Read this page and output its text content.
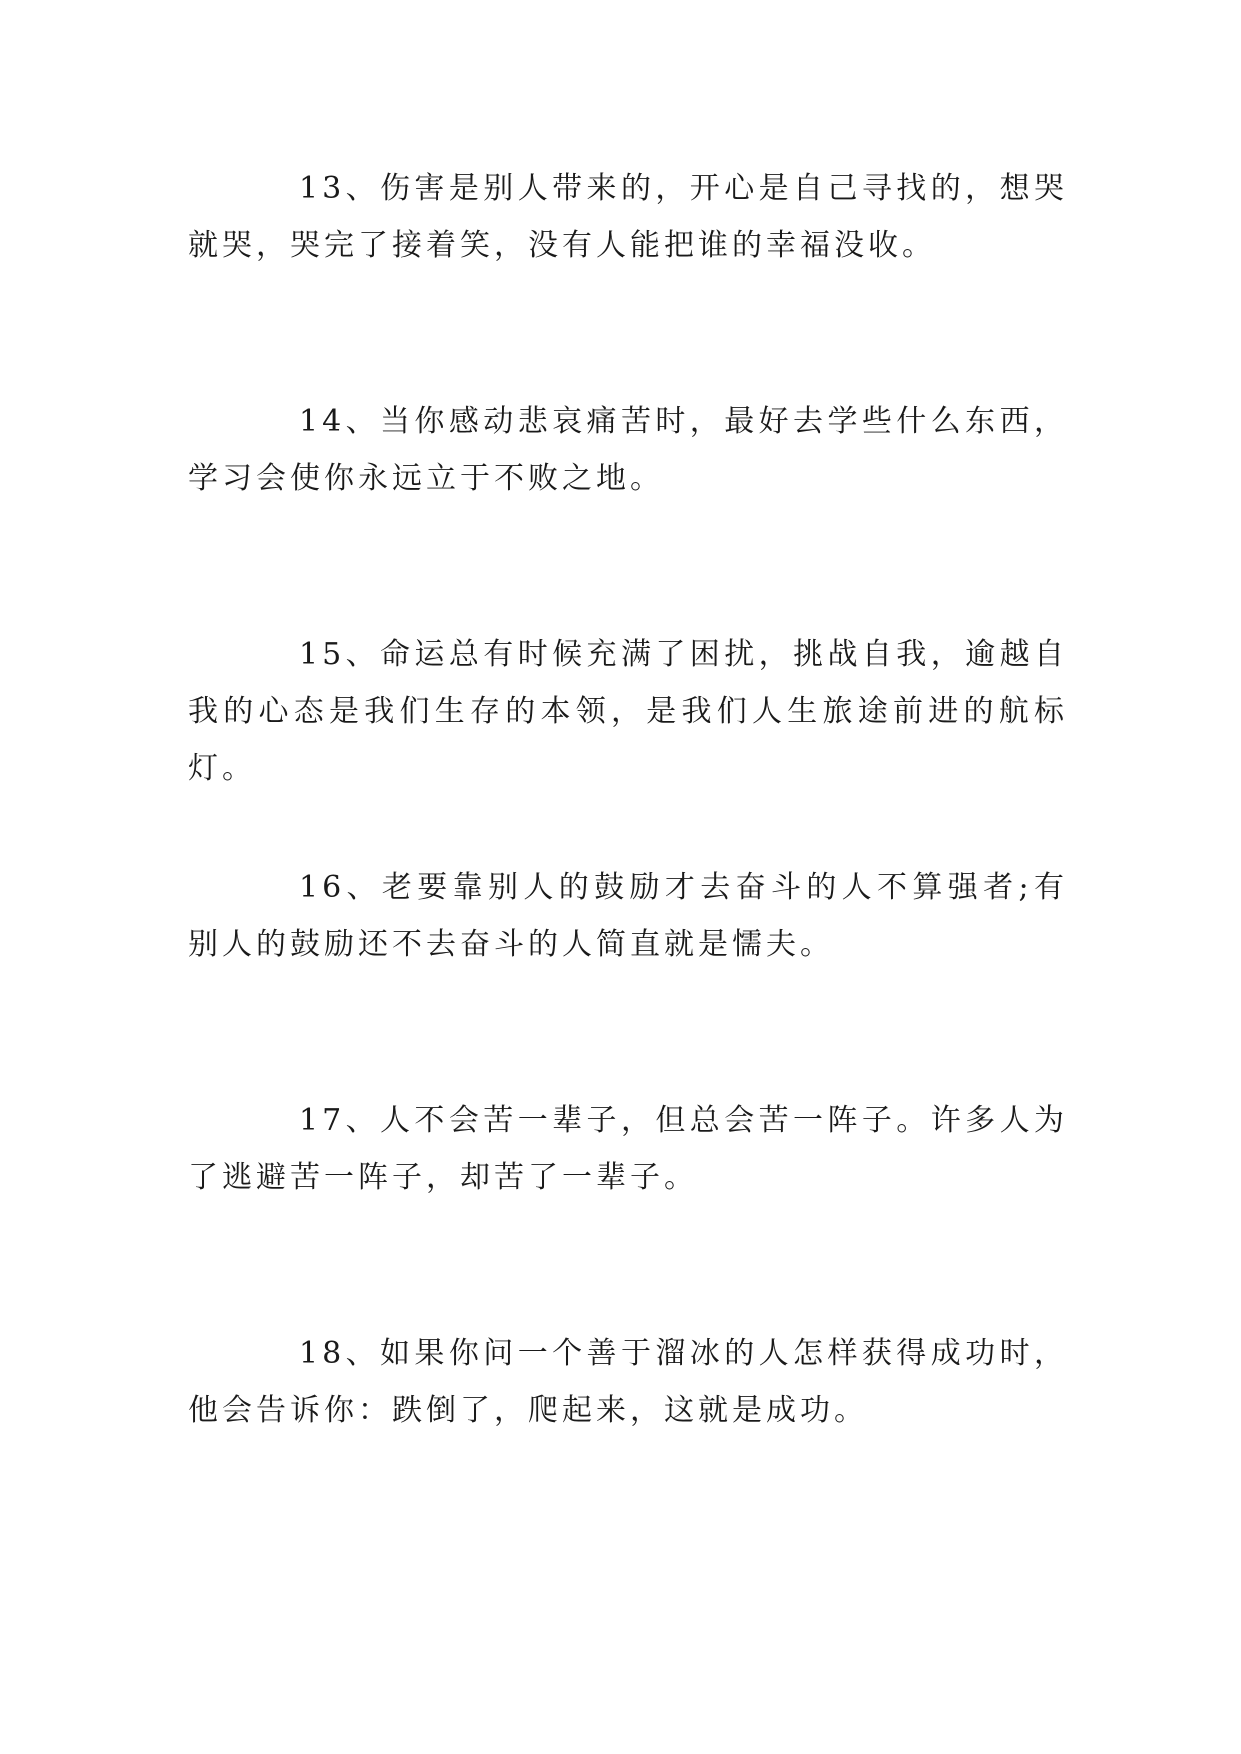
13、伤害是别人带来的，开心是自己寻找的，想哭就哭，哭完了接着笑，没有人能把谁的幸福没收。

14、当你感动悲哀痛苦时，最好去学些什么东西，学习会使你永远立于不败之地。

15、命运总有时候充满了困扰，挑战自我，逾越自我的心态是我们生存的本领，是我们人生旅途前进的航标灯。

16、老要靠别人的鼓励才去奋斗的人不算强者;有别人的鼓励还不去奋斗的人简直就是懦夫。

17、人不会苦一辈子，但总会苦一阵子。许多人为了逃避苦一阵子，却苦了一辈子。

18、如果你问一个善于溜冰的人怎样获得成功时，他会告诉你：跌倒了，爬起来，这就是成功。
